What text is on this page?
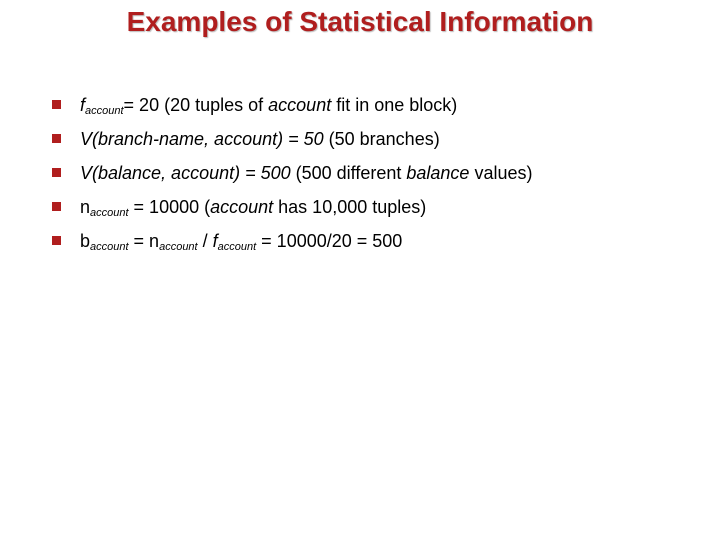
Examples of Statistical Information
$f_{account}= 20$ (20 tuples of account fit in one block)
V(branch-name, account) = 50 (50 branches)
V(balance, account) = 500 (500 different balance values)
$n_{account} = 10000$ (account has 10,000 tuples)
$b_{account} = n_{account} / f_{account} = 10000/20 = 500$
